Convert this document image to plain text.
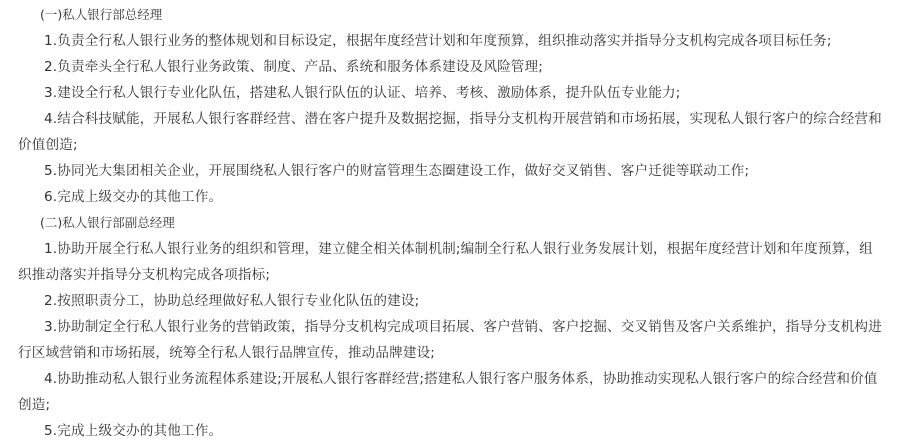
(一)私人银行部总经理

1.负责全行私人银行业务的整体规划和目标设定，根据年度经营计划和年度预算，组织推动落实并指导分支机构完成各项目标任务;

2.负责牵头全行私人银行业务政策、制度、产品、系统和服务体系建设及风险管理;

3.建设全行私人银行专业化队伍，搭建私人银行队伍的认证、培养、考核、激励体系，提升队伍专业能力;

4.结合科技赋能，开展私人银行客群经营、潜在客户提升及数据挖掘，指导分支机构开展营销和市场拓展，实现私人银行客户的综合经营和价值创造;

5.协同光大集团相关企业，开展围绕私人银行客户的财富管理生态圈建设工作，做好交叉销售、客户迁徙等联动工作;

6.完成上级交办的其他工作。

(二)私人银行部副总经理

1.协助开展全行私人银行业务的组织和管理，建立健全相关体制机制;编制全行私人银行业务发展计划，根据年度经营计划和年度预算，组织推动落实并指导分支机构完成各项指标;

2.按照职责分工，协助总经理做好私人银行专业化队伍的建设;

3.协助制定全行私人银行业务的营销政策，指导分支机构完成项目拓展、客户营销、客户挖掘、交叉销售及客户关系维护，指导分支机构进行区域营销和市场拓展，统筹全行私人银行品牌宣传，推动品牌建设;

4.协助推动私人银行业务流程体系建设;开展私人银行客群经营;搭建私人银行客户服务体系，协助推动实现私人银行客户的综合经营和价值创造;

5.完成上级交办的其他工作。
